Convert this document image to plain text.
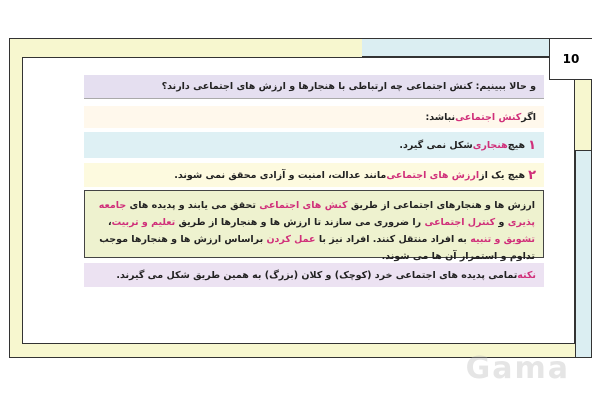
10
و حالا ببینیم: کنش اجتماعی چه ارتباطی با هنجارها و ارزش های اجتماعی دارند؟
اگر
کنش اجتماعی
نباشد:
۱
هیچ
هنجاری
شکل نمی گیرد.
۲
هیچ یک از
ارزش های اجتماعی
مانند عدالت، امنیت و آزادی محقق نمی شوند.
ارزش ها و هنجارهای اجتماعی از طریق کنش های اجتماعی تحقق می یابند و پدیده های جامعه پذیری و کنترل اجتماعی را ضروری می سازند تا ارزش ها و هنجارها از طریق تعلیم و تربیت، تشویق و تنبیه به افراد منتقل کنند. افراد نیز با عمل کردن براساس ارزش ها و هنجارها موجب تداوم و استمرار آن ها می شوند.
نکته
تمامی پدیده های اجتماعی خرد (کوچک) و کلان (بزرگ) به همین طریق شکل می گیرند.
Gama
